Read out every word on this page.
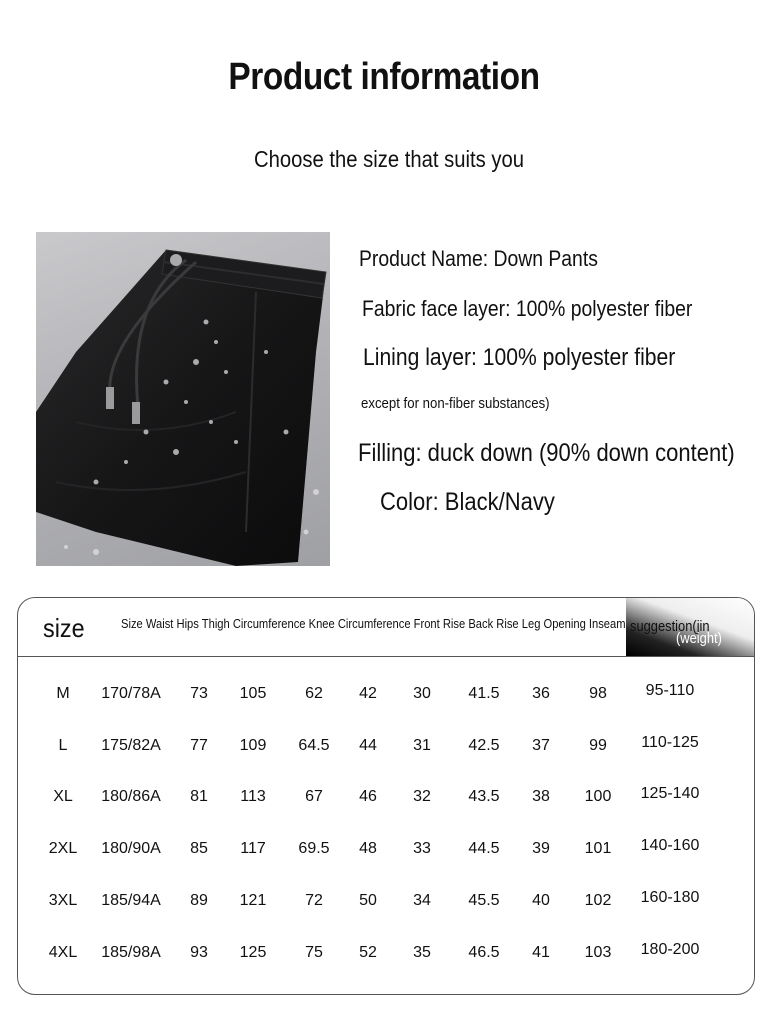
Product information
Choose the size that suits you
Product Name: Down Pants
Fabric face layer: 100% polyester fiber
Lining layer: 100% polyester fiber
except for non-fiber substances)
Filling: duck down (90% down content)
Color: Black/Navy
size	Size Waist Hips Thigh Circumference Knee Circumference Front Rise Back Rise Leg Opening Inseam suggestion(jin
(weight)
M 170/78A 73 105 62 42 30 41.5 36 98 95-110
L 175/82A 77 109 64.5 44 31 42.5 37 99 110-125
XL 180/86A 81 113 67 46 32 43.5 38 100 125-140
2XL 180/90A 85 117 69.5 48 33 44.5 39 101 140-160
3XL 185/94A 89 121 72 50 34 45.5 40 102 160-180
4XL 185/98A 93 125 75 52 35 46.5 41 103 180-200
